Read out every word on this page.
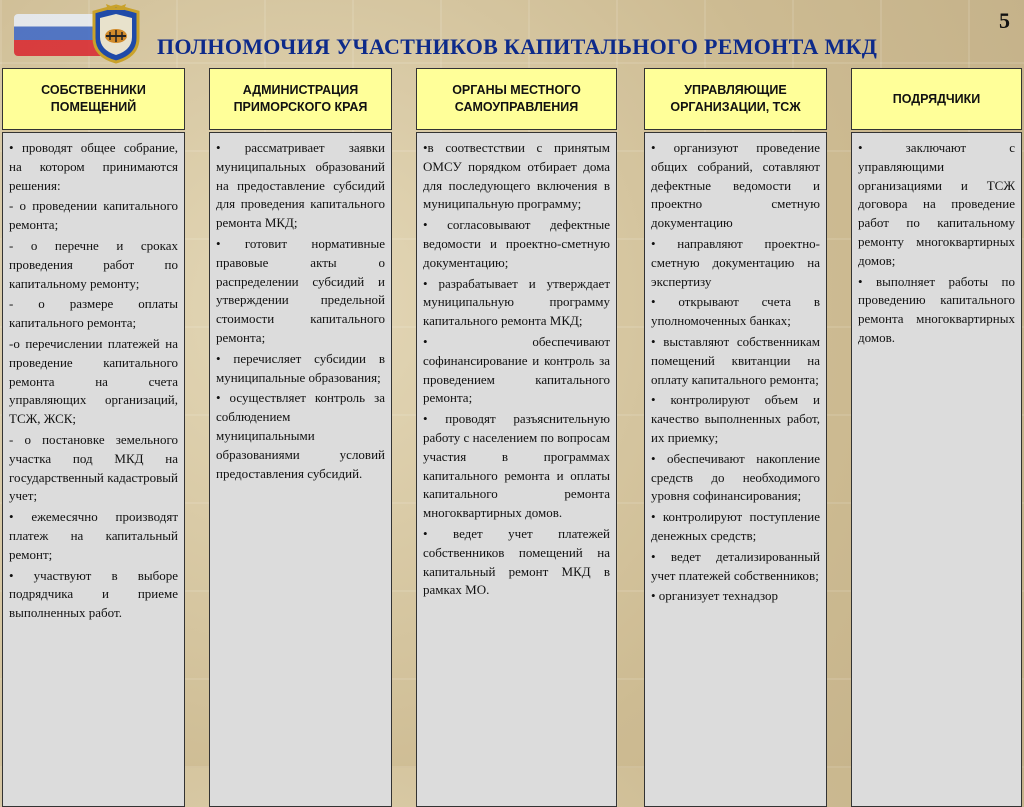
ПОЛНОМОЧИЯ УЧАСТНИКОВ КАПИТАЛЬНОГО РЕМОНТА МКД
5
СОБСТВЕННИКИ ПОМЕЩЕНИЙ

• проводят общее собрание, на котором принимаются решения:

- о проведении капитального ремонта;

- о перечне и сроках проведения работ по капитальному ремонту;

- о размере оплаты капитального ремонта;

-о перечислении платежей на проведение капитального ремонта на счета управляющих организаций, ТСЖ, ЖСК;

- о постановке земельного участка под МКД на государственный кадастровый учет;

• ежемесячно производят платеж на капитальный ремонт;

• участвуют в выборе подрядчика и приеме выполненных работ.

АДМИНИСТРАЦИЯ ПРИМОРСКОГО КРАЯ

• рассматривает заявки муниципальных образований на предоставление субсидий для проведения капитального ремонта МКД;

• готовит нормативные правовые акты о распределении субсидий и утверждении предельной стоимости капитального ремонта;

• перечисляет субсидии в муниципальные образования;

• осуществляет контроль за соблюдением муниципальными образованиями условий предоставления субсидий.

ОРГАНЫ МЕСТНОГО САМОУПРАВЛЕНИЯ

•в соотвестствии с принятым ОМСУ порядком отбирает дома для последующего включения в муниципальную программу;

• согласовывают дефектные ведомости и проектно-сметную документацию;

• разрабатывает и утверждает муниципальную программу капитального ремонта МКД;

• обеспечивают софинансирование и контроль за проведением капитального ремонта;

• проводят разъяснительную работу с населением по вопросам участия в программах капитального ремонта и оплаты капитального ремонта многоквартирных домов.

• ведет учет платежей собственников помещений на капитальный ремонт МКД в рамках МО.

УПРАВЛЯЮЩИЕ ОРГАНИЗАЦИИ, ТСЖ

• организуют проведение общих собраний, сотавляют дефектные ведомости и проектно сметную документацию

• направляют проектно-сметную документацию на экспертизу

• открывают счета в уполномоченных банках;

• выставляют собственникам помещений квитанции на оплату капитального ремонта;

• контролируют объем и качество выполненных работ, их приемку;

• обеспечивают накопление средств до необходимого уровня софинансирования;

• контролируют поступление денежных средств;

• ведет детализированный учет платежей собственников;

• организует технадзор

ПОДРЯДЧИКИ

• заключают с управляющими организациями и ТСЖ договора на проведение работ по капитальному ремонту многоквартирных домов;

• выполняет работы по проведению капитального ремонта многоквартирных домов.
